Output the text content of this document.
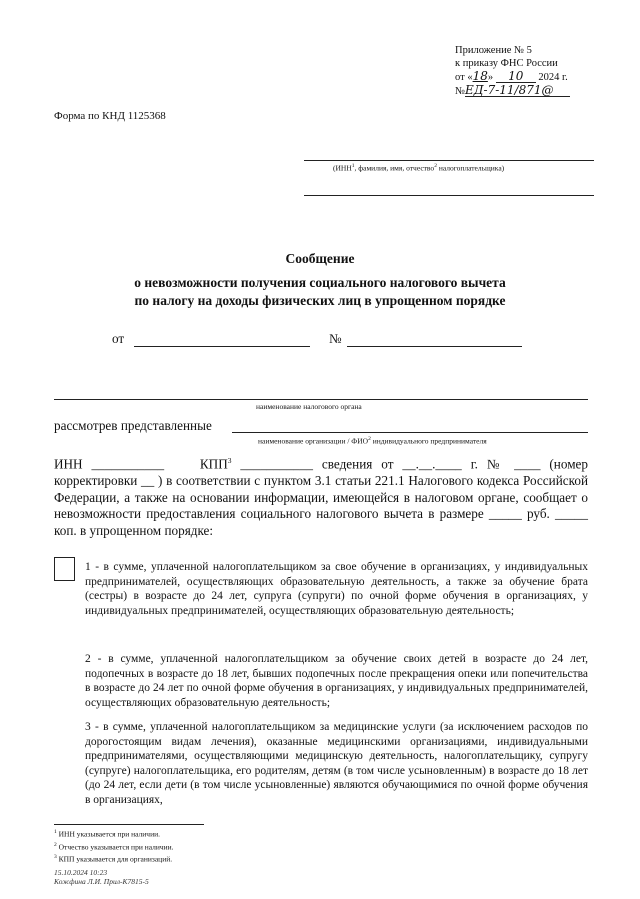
Приложение № 5
к приказу ФНС России
от «18» 10 2024 г.
№ЕД-7-11/871@
Форма по КНД 1125368
(ИНН$^1$, фамилия, имя, отчество$^2$ налогоплательщика)
Сообщение
о невозможности получения социального налогового вычета
по налогу на доходы физических лиц в упрощенном порядке
от	№
наименование налогового органа
рассмотрев представленные
наименование организации / ФИО$^2$ индивидуального предпринимателя
ИНН ___________	КПП$^3$ ___________ сведения от __.__.____ г. № ____ (номер
корректировки __ ) в соответствии с пунктом 3.1 статьи 221.1 Налогового кодекса Российской Федерации, а также на основании информации, имеющейся в налоговом органе, сообщает о невозможности предоставления социального налогового вычета в размере _____ руб. _____ коп. в упрощенном порядке:
1 - в сумме, уплаченной налогоплательщиком за свое обучение в организациях, у индивидуальных предпринимателей, осуществляющих образовательную деятельность, а также за обучение брата (сестры) в возрасте до 24 лет, супруга (супруги) по очной форме обучения в организациях, у индивидуальных предпринимателей, осуществляющих образовательную деятельность;
2 - в сумме, уплаченной налогоплательщиком за обучение своих детей в возрасте до 24 лет, подопечных в возрасте до 18 лет, бывших подопечных после прекращения опеки или попечительства в возрасте до 24 лет по очной форме обучения в организациях, у индивидуальных предпринимателей, осуществляющих образовательную деятельность;
3 - в сумме, уплаченной налогоплательщиком за медицинские услуги (за исключением расходов по дорогостоящим видам лечения), оказанные медицинскими организациями, индивидуальными предпринимателями, осуществляющими медицинскую деятельность, налогоплательщику, супругу (супруге) налогоплательщика, его родителям, детям (в том числе усыновленным) в возрасте до 18 лет (до 24 лет, если дети (в том числе усыновленные) являются обучающимися по очной форме обучения в организациях,
$^1$ ИНН указывается при наличии.
$^2$ Отчество указывается при наличии.
$^3$ КПП указывается для организаций.
15.10.2024 10:23
Кожфина Л.И. Прил-К7815-5
